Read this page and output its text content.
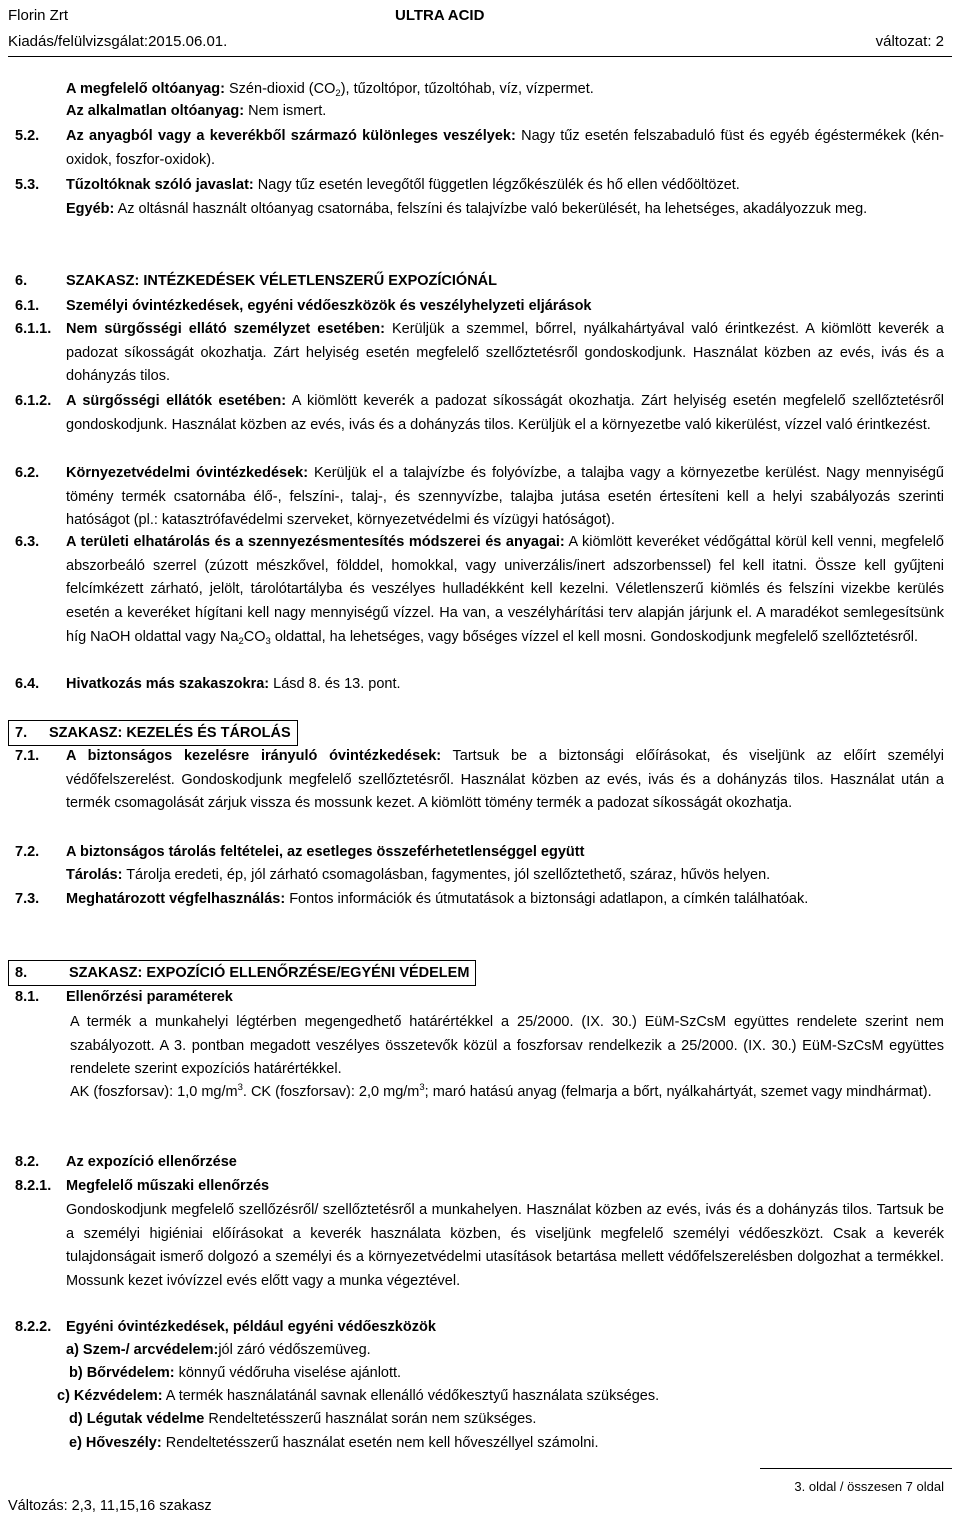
Florin Zrt	ULTRA ACID
Kiadás/felülvizsgálat:2015.06.01.	változat: 2
A megfelelő oltóanyag: Szén-dioxid $(CO_2)$, tűzoltópor, tűzoltóhab, víz, vízpermet.
Az alkalmatlan oltóanyag: Nem ismert.
5.2. Az anyagból vagy a keverékből származó különleges veszélyek: Nagy tűz esetén felszabaduló füst és egyéb égéstermékek (kén-oxidok, foszfor-oxidok).
5.3. Tűzoltóknak szóló javaslat: Nagy tűz esetén levegőtől független légzőkészülék és hő ellen védőöltözet.
Egyéb: Az oltásnál használt oltóanyag csatornába, felszíni és talajvízbe való bekerülését, ha lehetséges, akadályozzuk meg.
6.	SZAKASZ: INTÉZKEDÉSEK VÉLETLENSZERŰ EXPOZÍCIÓNÁL
6.1. Személyi óvintézkedések, egyéni védőeszközök és veszélyhelyzeti eljárások
6.1.1. Nem sürgősségi ellátó személyzet esetében: Kerüljük a szemmel, bőrrel, nyálkahártyával való érintkezést. A kiömlött keverék a padozat síkosságát okozhatja. Zárt helyiség esetén megfelelő szellőztetésről gondoskodjunk. Használat közben az evés, ivás és a dohányzás tilos.
6.1.2. A sürgősségi ellátók esetében: A kiömlött keverék a padozat síkosságát okozhatja. Zárt helyiség esetén megfelelő szellőztetésről gondoskodjunk. Használat közben az evés, ivás és a dohányzás tilos. Kerüljük el a környezetbe való kikerülést, vízzel való érintkezést.
6.2. Környezetvédelmi óvintézkedések: Kerüljük el a talajvízbe és folyóvízbe, a talajba vagy a környezetbe kerülést. Nagy mennyiségű tömény termék csatornába élő-, felszíni-, talaj-, és szennyvízbe, talajba jutása esetén értesíteni kell a helyi szabályozás szerinti hatóságot (pl.: katasztrófavédelmi szerveket, környezetvédelmi és vízügyi hatóságot).
6.3. A területi elhatárolás és a szennyezésmentesítés módszerei és anyagai: A kiömlött keveréket védőgáttal körül kell venni, megfelelő abszorbeáló szerrel (zúzott mészkővel, földdel, homokkal, vagy univerzális/inert adszorbenssel) fel kell itatni. Össze kell gyűjteni felcímkézett zárható, jelölt, tárolótartályba és veszélyes hulladékként kell kezelni. Véletlenszerű kiömlés és felszíni vizekbe kerülés esetén a keveréket hígítani kell nagy mennyiségű vízzel. Ha van, a veszélyhárítási terv alapján járjunk el. A maradékot semlegesítsünk híg NaOH oldattal vagy $Na_2CO_3$ oldattal, ha lehetséges, vagy bőséges vízzel el kell mosni. Gondoskodjunk megfelelő szellőztetésről.
6.4. Hivatkozás más szakaszokra: Lásd 8. és 13. pont.
7. SZAKASZ: KEZELÉS ÉS TÁROLÁS
7.1. A biztonságos kezelésre irányuló óvintézkedések: Tartsuk be a biztonsági előírásokat, és viseljünk az előírt személyi védőfelszerelést. Gondoskodjunk megfelelő szellőztetésről. Használat közben az evés, ivás és a dohányzás tilos. Használat után a termék csomagolását zárjuk vissza és mossunk kezet. A kiömlött tömény termék a padozat síkosságát okozhatja.
7.2. A biztonságos tárolás feltételei, az esetleges összeférhetetlenséggel együtt
Tárolás: Tárolja eredeti, ép, jól zárható csomagolásban, fagymentes, jól szellőztethető, száraz, hűvös helyen.
7.3. Meghatározott végfelhasználás: Fontos információk és útmutatások a biztonsági adatlapon, a címkén találhatóak.
8.	SZAKASZ: EXPOZÍCIÓ ELLENŐRZÉSE/EGYÉNI VÉDELEM
8.1. Ellenőrzési paraméterek
A termék a munkahelyi légtérben megengedhető határértékkel a 25/2000. (IX. 30.) EüM-SzCsM együttes rendelete szerint nem szabályozott. A 3. pontban megadott veszélyes összetevők közül a foszforsav rendelkezik a 25/2000. (IX. 30.) EüM-SzCsM együttes rendelete szerint expozíciós határértékkel.
AK (foszforsav): 1,0 $mg/m^3$. CK (foszforsav): 2,0 $mg/m^3$; maró hatású anyag (felmarja a bőrt, nyálkahártyát, szemet vagy mindhármat).
8.2. Az expozíció ellenőrzése
8.2.1. Megfelelő műszaki ellenőrzés
Gondoskodjunk megfelelő szellőzésről/ szellőztetésről a munkahelyen. Használat közben az evés, ivás és a dohányzás tilos. Tartsuk be a személyi higiéniai előírásokat a keverék használata közben, és viseljünk megfelelő személyi védőeszközt. Csak a keverék tulajdonságait ismerő dolgozó a személyi és a környezetvédelmi utasítások betartása mellett védőfelszerelésben dolgozhat a termékkel. Mossunk kezet ivóvízzel evés előtt vagy a munka végeztével.
8.2.2. Egyéni óvintézkedések, például egyéni védőeszközök
a) Szem-/ arcvédelem:jól záró védőszemüveg.
b) Bőrvédelem: könnyű védőruha viselése ajánlott.
c) Kézvédelem: A termék használatánál savnak ellenálló védőkesztyű használata szükséges.
d) Légutak védelme Rendeltetésszerű használat során nem szükséges.
e) Hőveszély: Rendeltetésszerű használat esetén nem kell hőveszéllyel számolni.
3. oldal / összesen 7 oldal
Változás: 2,3, 11,15,16 szakasz
